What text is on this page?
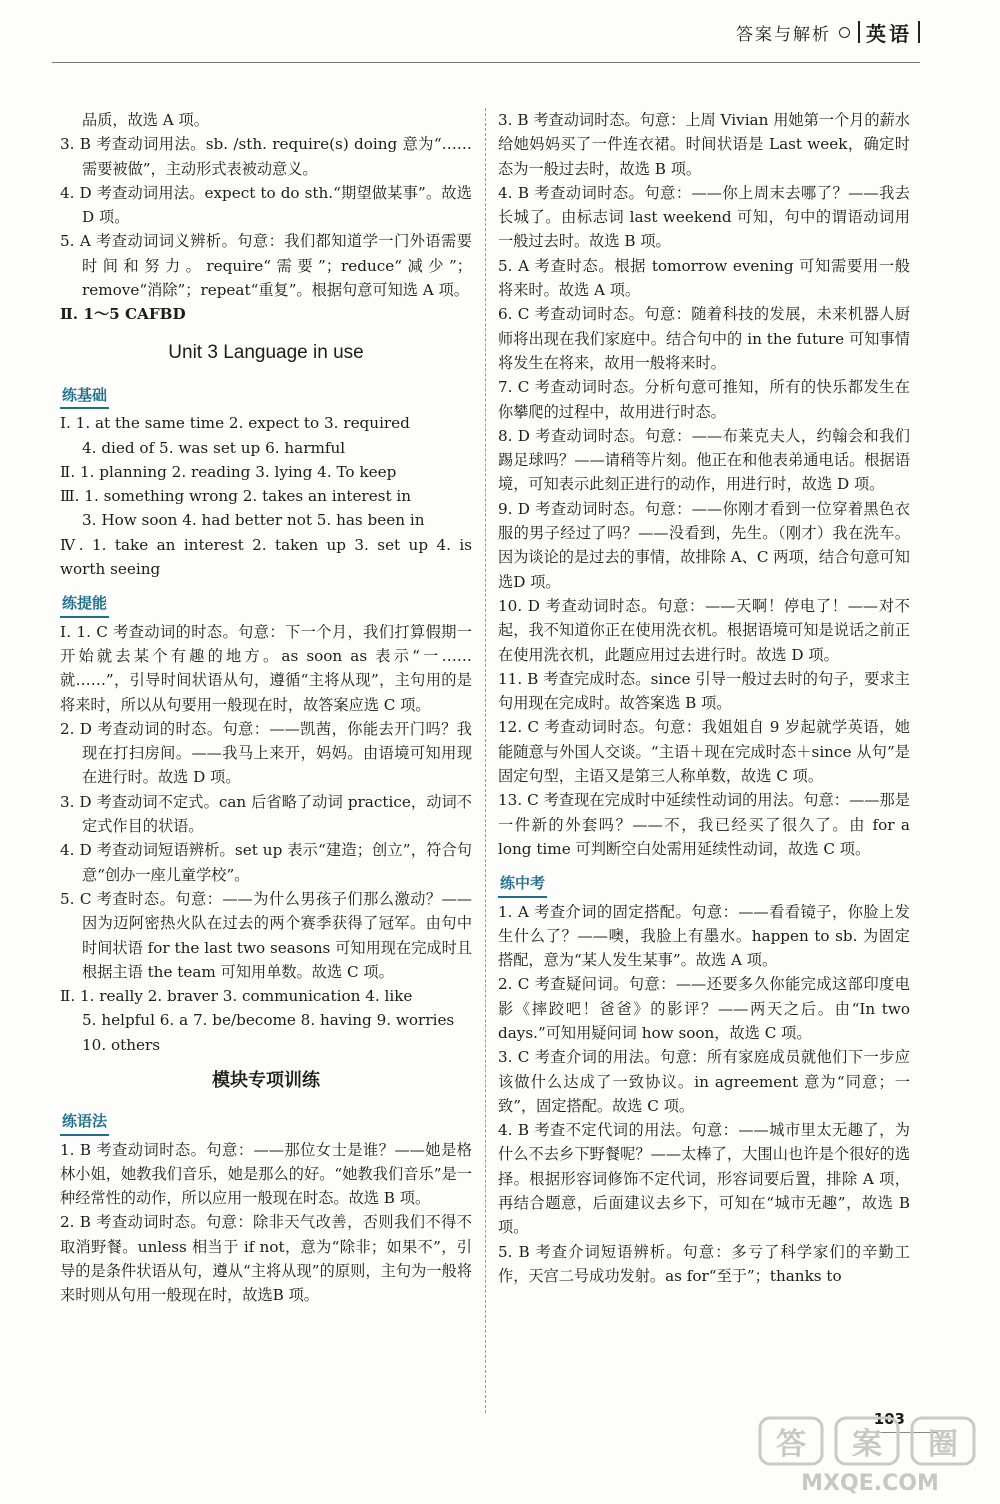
答案与解析 英语

品质，故选 A 项。

3. B 考查动词用法。sb. /sth. require(s) doing 意为“……需要被做”，主动形式表被动意义。

4. D 考查动词用法。expect to do sth.“期望做某事”。故选 D 项。

5. A 考查动词词义辨析。句意：我们都知道学一门外语需要时间和努力。require“需要”；reduce“减少”；remove“消除”；repeat“重复”。根据句意可知选 A 项。

Ⅱ. 1～5 CAFBD

Unit 3 Language in use
练基础

Ⅰ. 1. at the same time 2. expect to 3. required

4. died of 5. was set up 6. harmful

Ⅱ. 1. planning 2. reading 3. lying 4. To keep

Ⅲ. 1. something wrong 2. takes an interest in

3. How soon 4. had better not 5. has been in

Ⅳ. 1. take an interest 2. taken up 3. set up 4. is worth seeing

练提能

Ⅰ. 1. C 考查动词的时态。句意：下一个月，我们打算假期一开始就去某个有趣的地方。as soon as 表示“一……就……”，引导时间状语从句，遵循“主将从现”，主句用的是将来时，所以从句要用一般现在时，故答案应选 C 项。

2. D 考查动词的时态。句意：——凯茜，你能去开门吗？我现在打扫房间。——我马上来开，妈妈。由语境可知用现在进行时。故选 D 项。

3. D 考查动词不定式。can 后省略了动词 practice，动词不定式作目的状语。

4. D 考查动词短语辨析。set up 表示“建造；创立”，符合句意“创办一座儿童学校”。

5. C 考查时态。句意：——为什么男孩子们那么激动？——因为迈阿密热火队在过去的两个赛季获得了冠军。由句中时间状语 for the last two seasons 可知用现在完成时且根据主语 the team 可知用单数。故选 C 项。

Ⅱ. 1. really 2. braver 3. communication 4. like

5. helpful 6. a 7. be/become 8. having 9. worries

10. others

模块专项训练
练语法

1. B 考查动词时态。句意：——那位女士是谁？——她是格林小姐，她教我们音乐，她是那么的好。“她教我们音乐”是一种经常性的动作，所以应用一般现在时态。故选 B 项。

2. B 考查动词时态。句意：除非天气改善，否则我们不得不取消野餐。unless 相当于 if not，意为“除非；如果不”，引导的是条件状语从句，遵从“主将从现”的原则，主句为一般将来时则从句用一般现在时，故选B 项。

3. B 考查动词时态。句意：上周 Vivian 用她第一个月的薪水给她妈妈买了一件连衣裙。时间状语是 Last week，确定时态为一般过去时，故选 B 项。

4. B 考查动词时态。句意：——你上周末去哪了？——我去长城了。由标志词 last weekend 可知，句中的谓语动词用一般过去时。故选 B 项。

5. A 考查时态。根据 tomorrow evening 可知需要用一般将来时。故选 A 项。

6. C 考查动词时态。句意：随着科技的发展，未来机器人厨师将出现在我们家庭中。结合句中的 in the future 可知事情将发生在将来，故用一般将来时。

7. C 考查动词时态。分析句意可推知，所有的快乐都发生在你攀爬的过程中，故用进行时态。

8. D 考查动词时态。句意：——布莱克夫人，约翰会和我们踢足球吗？——请稍等片刻。他正在和他表弟通电话。根据语境，可知表示此刻正进行的动作，用进行时，故选 D 项。

9. D 考查动词时态。句意：——你刚才看到一位穿着黑色衣服的男子经过了吗？——没看到，先生。（刚才）我在洗车。因为谈论的是过去的事情，故排除 A、C 两项，结合句意可知选D 项。

10. D 考查动词时态。句意：——天啊！停电了！——对不起，我不知道你正在使用洗衣机。根据语境可知是说话之前正在使用洗衣机，此题应用过去进行时。故选 D 项。

11. B 考查完成时态。since 引导一般过去时的句子，要求主句用现在完成时。故答案选 B 项。

12. C 考查动词时态。句意：我姐姐自 9 岁起就学英语，她能随意与外国人交谈。“主语＋现在完成时态＋since 从句”是固定句型，主语又是第三人称单数，故选 C 项。

13. C 考查现在完成时中延续性动词的用法。句意：——那是一件新的外套吗？——不，我已经买了很久了。由 for a long time 可判断空白处需用延续性动词，故选 C 项。

练中考

1. A 考查介词的固定搭配。句意：——看看镜子，你脸上发生什么了？——噢，我脸上有墨水。happen to sb. 为固定搭配，意为“某人发生某事”。故选 A 项。

2. C 考查疑问词。句意：——还要多久你能完成这部印度电影《摔跤吧！爸爸》的影评？——两天之后。由“In two days.”可知用疑问词 how soon，故选 C 项。

3. C 考查介词的用法。句意：所有家庭成员就他们下一步应该做什么达成了一致协议。in agreement 意为“同意；一致”，固定搭配。故选 C 项。

4. B 考查不定代词的用法。句意：——城市里太无趣了，为什么不去乡下野餐呢？——太棒了，大围山也许是个很好的选择。根据形容词修饰不定代词，形容词要后置，排除 A 项，再结合题意，后面建议去乡下，可知在“城市无趣”，故选 B 项。

5. B 考查介词短语辨析。句意：多亏了科学家们的辛勤工作，天宫二号成功发射。as for“至于”；thanks to

103
答 案 圈
MXQE.COM
